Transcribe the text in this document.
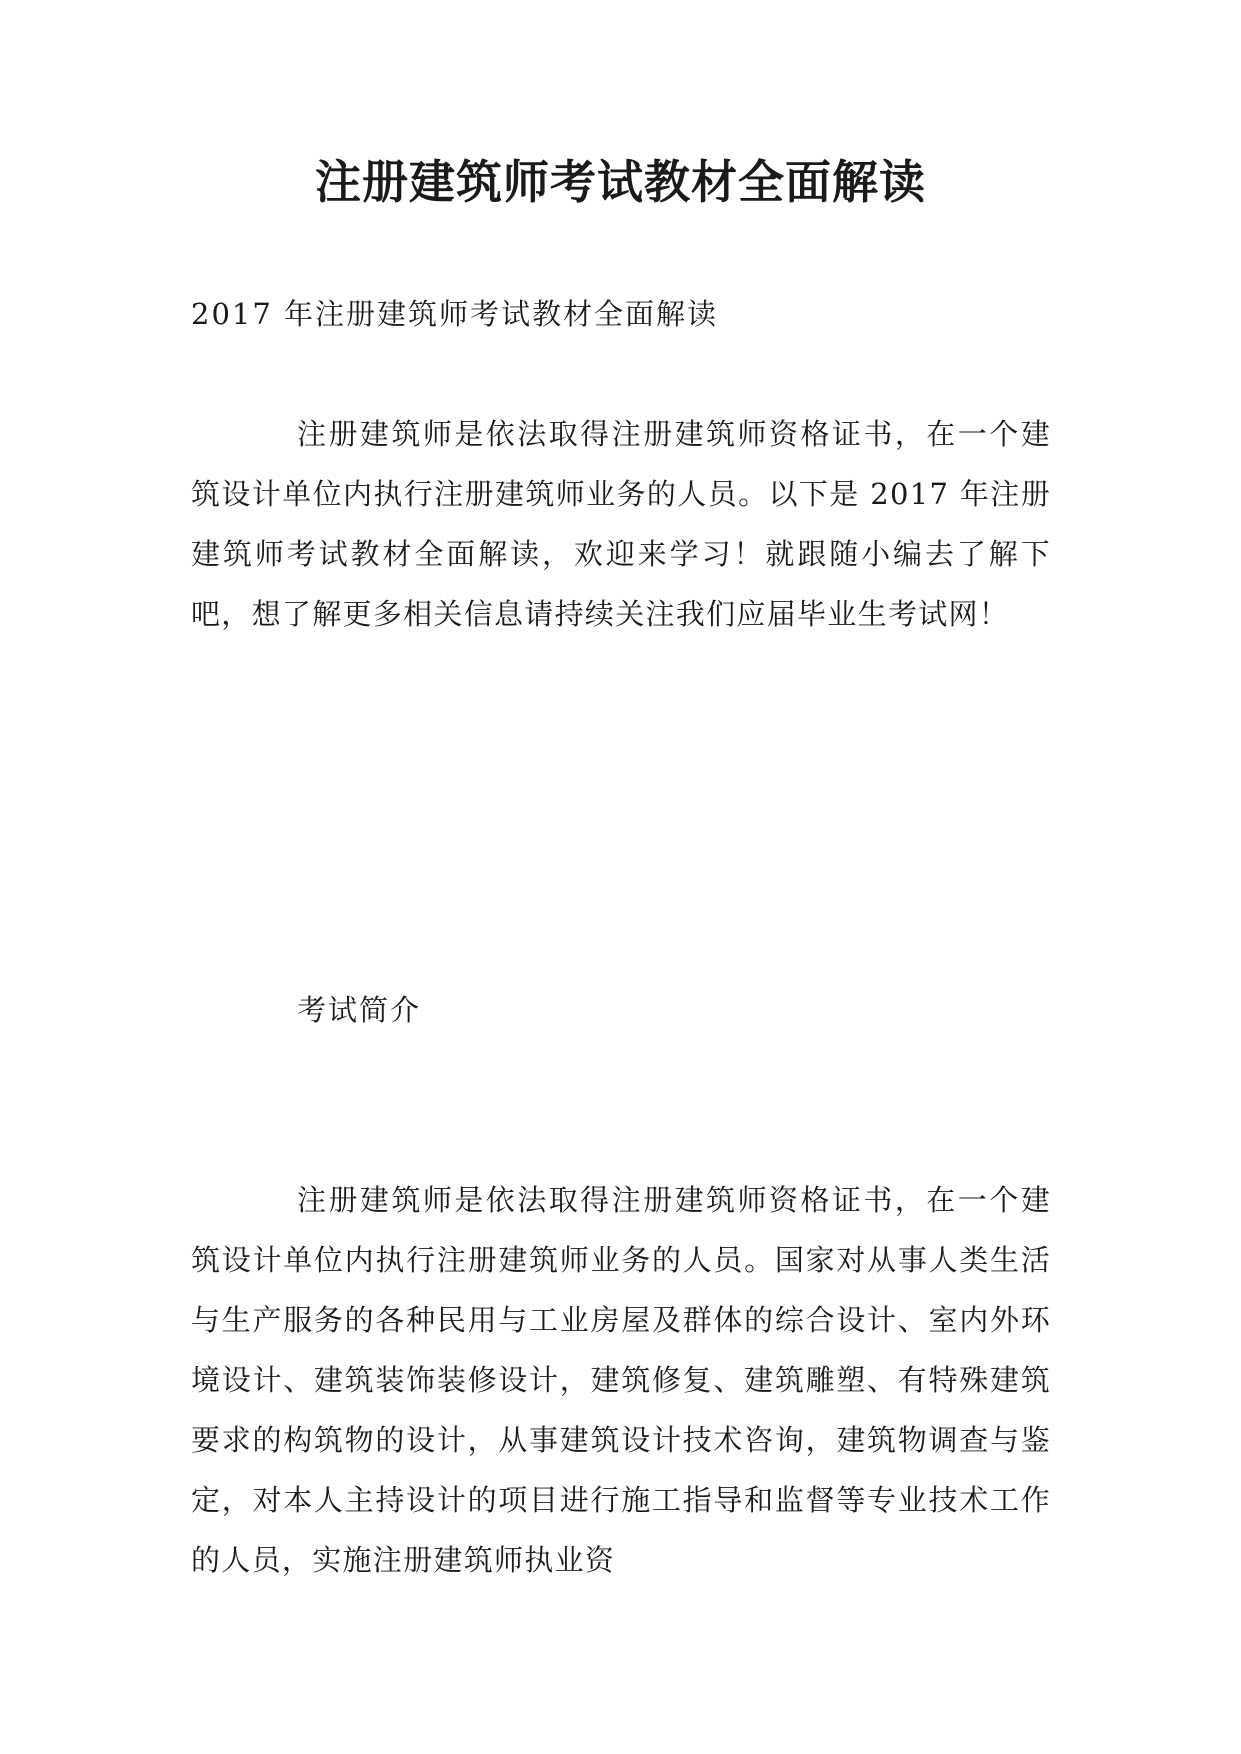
注册建筑师考试教材全面解读

2017 年注册建筑师考试教材全面解读

注册建筑师是依法取得注册建筑师资格证书，在一个建筑设计单位内执行注册建筑师业务的人员。以下是 2017 年注册建筑师考试教材全面解读，欢迎来学习！就跟随小编去了解下吧，想了解更多相关信息请持续关注我们应届毕业生考试网！

考试简介

注册建筑师是依法取得注册建筑师资格证书，在一个建筑设计单位内执行注册建筑师业务的人员。国家对从事人类生活与生产服务的各种民用与工业房屋及群体的综合设计、室内外环境设计、建筑装饰装修设计，建筑修复、建筑雕塑、有特殊建筑要求的构筑物的设计，从事建筑设计技术咨询，建筑物调查与鉴定，对本人主持设计的项目进行施工指导和监督等专业技术工作的人员，实施注册建筑师执业资
